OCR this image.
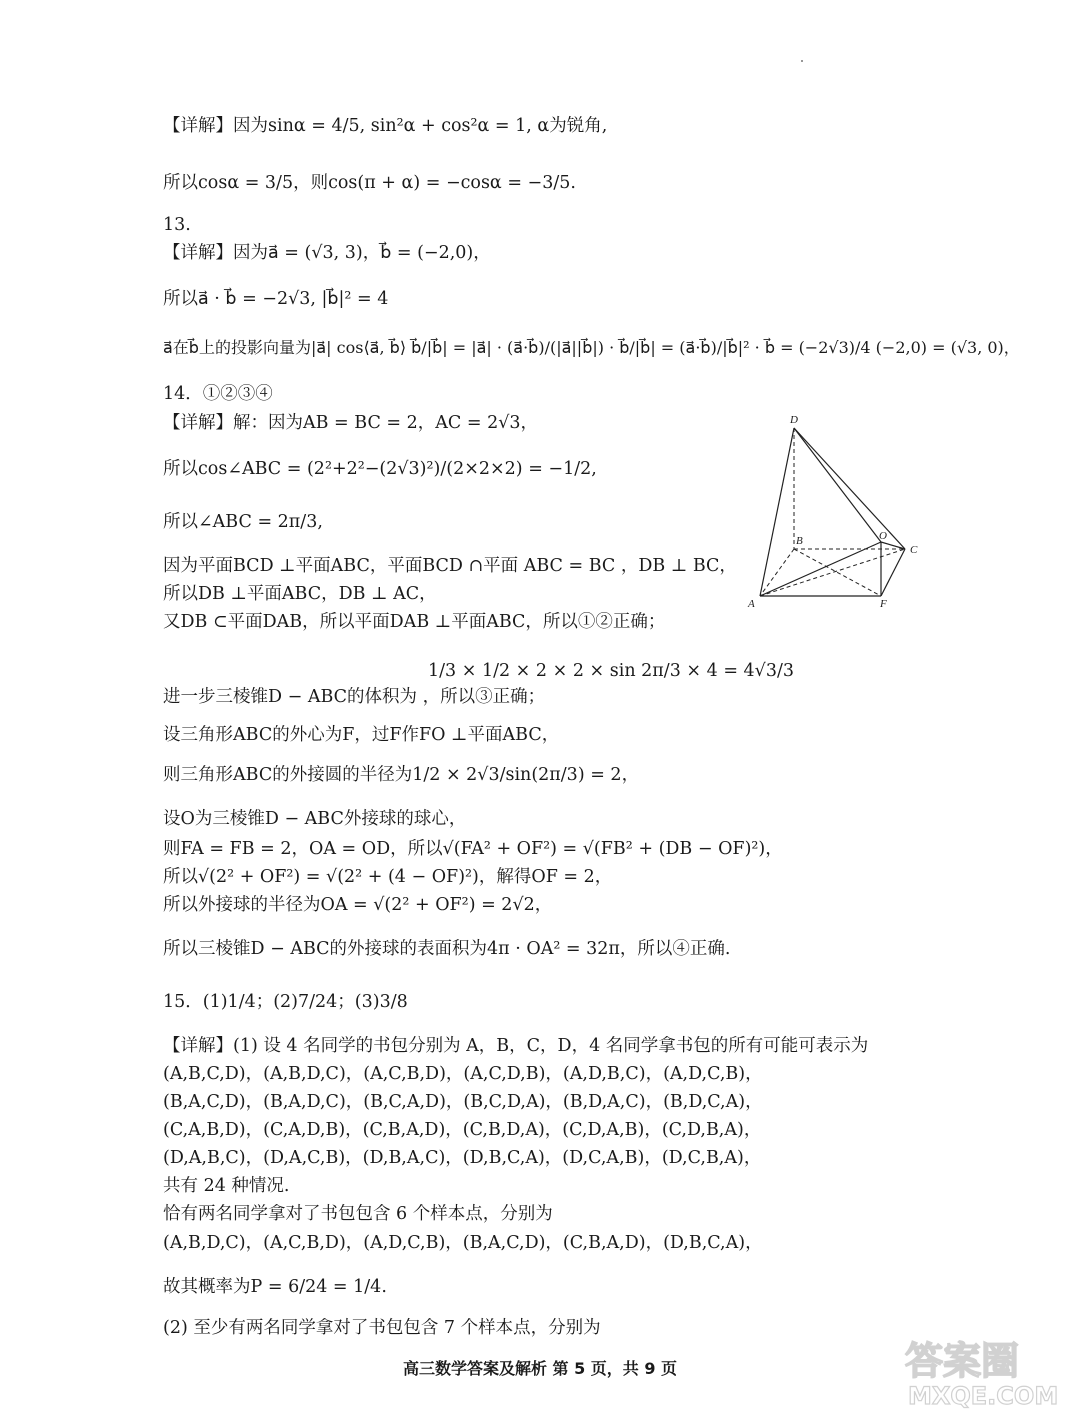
【详解】因为sinα = 4/5, sin²α + cos²α = 1, α为锐角,
所以cosα = 3/5，则cos(π + α) = −cosα = −3/5.
13.
【详解】因为a⃗ = (√3, 3)，b⃗ = (−2,0)，
所以a⃗ · b⃗ = −2√3, |b⃗|² = 4
a⃗在b⃗上的投影向量为|a⃗| cos⟨a⃗, b⃗⟩ b⃗/|b⃗| = |a⃗| · (a⃗·b⃗)/(|a⃗||b⃗|) · b⃗/|b⃗| = (a⃗·b⃗)/|b⃗|² · b⃗ = (−2√3)/4 (−2,0) = (√3, 0)，
14．①②③④
【详解】解：因为AB = BC = 2，AC = 2√3，
所以cos∠ABC = (2²+2²−(2√3)²)/(2×2×2) = −1/2,
所以∠ABC = 2π/3,
因为平面BCD ⊥平面ABC，平面BCD ∩平面 ABC = BC ，DB ⊥ BC，
所以DB ⊥平面ABC，DB ⊥ AC，
又DB ⊂平面DAB，所以平面DAB ⊥平面ABC，所以①②正确；
1/3 × 1/2 × 2 × 2 × sin 2π/3 × 4 = 4√3/3
进一步三棱锥D − ABC的体积为 ，所以③正确；
设三角形ABC的外心为F，过F作FO ⊥平面ABC，
则三角形ABC的外接圆的半径为1/2 × 2√3/sin(2π/3) = 2，
设O为三棱锥D − ABC外接球的球心，
则FA = FB = 2，OA = OD，所以√(FA² + OF²) = √(FB² + (DB − OF)²)，
所以√(2² + OF²) = √(2² + (4 − OF)²)，解得OF = 2，
所以外接球的半径为OA = √(2² + OF²) = 2√2，
所以三棱锥D − ABC的外接球的表面积为4π · OA² = 32π，所以④正确.
15．(1)1/4；(2)7/24；(3)3/8
【详解】(1) 设 4 名同学的书包分别为 A，B，C，D，4 名同学拿书包的所有可能可表示为
(A,B,C,D)，(A,B,D,C)，(A,C,B,D)，(A,C,D,B)，(A,D,B,C)，(A,D,C,B)，
(B,A,C,D)，(B,A,D,C)，(B,C,A,D)，(B,C,D,A)，(B,D,A,C)，(B,D,C,A)，
(C,A,B,D)，(C,A,D,B)，(C,B,A,D)，(C,B,D,A)，(C,D,A,B)，(C,D,B,A)，
(D,A,B,C)，(D,A,C,B)，(D,B,A,C)，(D,B,C,A)，(D,C,A,B)，(D,C,B,A)，
共有 24 种情况.
恰有两名同学拿对了书包包含 6 个样本点，分别为
(A,B,D,C)，(A,C,B,D)，(A,D,C,B)，(B,A,C,D)，(C,B,A,D)，(D,B,C,A)，
故其概率为P = 6/24 = 1/4.
(2) 至少有两名同学拿对了书包包含 7 个样本点，分别为
D
B	O
C
A	F
高三数学答案及解析 第 5 页，共 9 页	答案圈
MXQE.COM
